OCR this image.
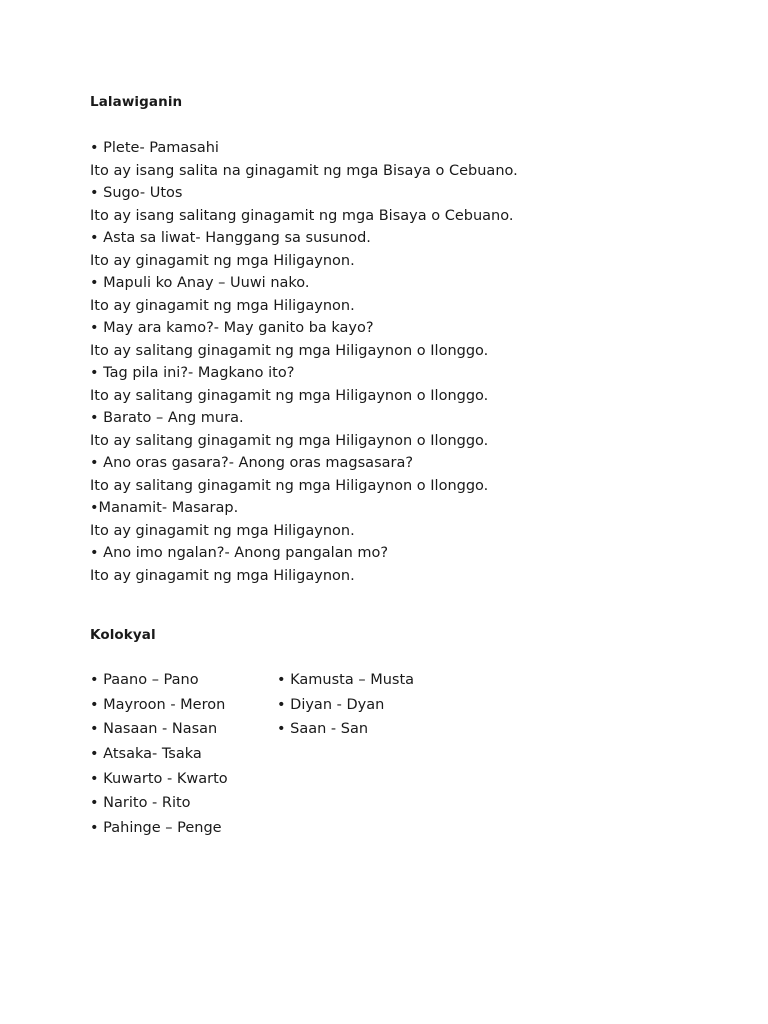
Lalawiganin
• Plete- Pamasahi
Ito ay isang salita na ginagamit ng mga Bisaya o Cebuano.
• Sugo- Utos
Ito ay isang salitang ginagamit ng mga Bisaya o Cebuano.
• Asta sa liwat- Hanggang sa susunod.
Ito ay ginagamit ng mga Hiligaynon.
• Mapuli ko Anay – Uuwi nako.
Ito ay ginagamit ng mga Hiligaynon.
• May ara kamo?- May ganito ba kayo?
Ito ay salitang ginagamit ng mga Hiligaynon o Ilonggo.
• Tag pila ini?- Magkano ito?
Ito ay salitang ginagamit ng mga Hiligaynon o Ilonggo.
• Barato – Ang mura.
Ito ay salitang ginagamit ng mga Hiligaynon o Ilonggo.
• Ano oras gasara?- Anong oras magsasara?
Ito ay salitang ginagamit ng mga Hiligaynon o Ilonggo.
•Manamit- Masarap.
Ito ay ginagamit ng mga Hiligaynon.
• Ano imo ngalan?- Anong pangalan mo?
Ito ay ginagamit ng mga Hiligaynon.
Kolokyal
• Paano – Pano
• Mayroon - Meron
• Nasaan - Nasan
• Atsaka- Tsaka
• Kuwarto - Kwarto
• Narito - Rito
• Pahinge – Penge
• Kamusta – Musta
• Diyan - Dyan
• Saan - San
